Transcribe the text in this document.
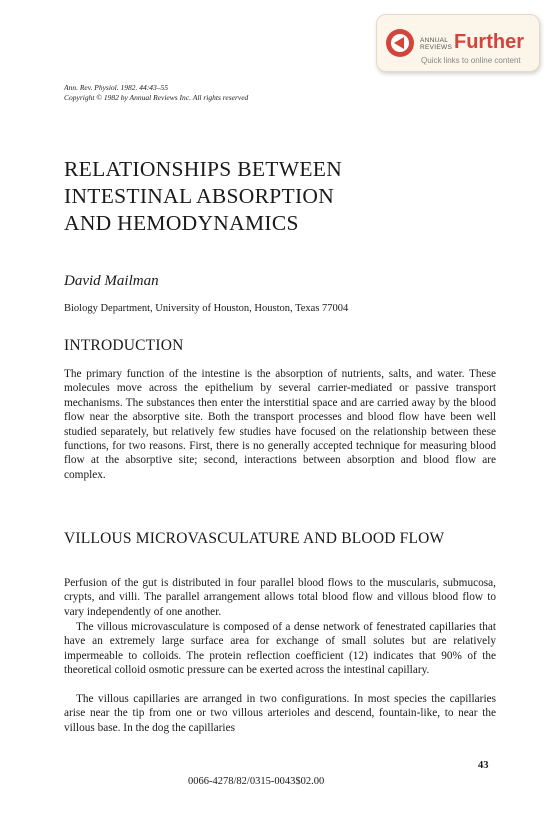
ANNUAL
REVIEWS Further
Quick links to online content
Ann. Rev. Physiol. 1982. 44:43–55
Copyright © 1982 by Annual Reviews Inc. All rights reserved
RELATIONSHIPS BETWEEN
INTESTINAL ABSORPTION
AND HEMODYNAMICS
David Mailman
Biology Department, University of Houston, Houston, Texas 77004
INTRODUCTION

The primary function of the intestine is the absorption of nutrients, salts, and water. These molecules move across the epithelium by several carrier-mediated or passive transport mechanisms. The substances then enter the interstitial space and are carried away by the blood flow near the absorptive site. Both the transport processes and blood flow have been well studied separately, but relatively few studies have focused on the relationship between these functions, for two reasons. First, there is no generally accepted technique for measuring blood flow at the absorptive site; second, interactions between absorption and blood flow are complex.

VILLOUS MICROVASCULATURE AND BLOOD FLOW

Perfusion of the gut is distributed in four parallel blood flows to the muscularis, submucosa, crypts, and villi. The parallel arrangement allows total blood flow and villous blood flow to vary independently of one another.

The villous microvasculature is composed of a dense network of fenestrated capillaries that have an extremely large surface area for exchange of small solutes but are relatively impermeable to colloids. The protein reflection coefficient (12) indicates that 90% of the theoretical colloid osmotic pressure can be exerted across the intestinal capillary.

The villous capillaries are arranged in two configurations. In most species the capillaries arise near the tip from one or two villous arterioles and descend, fountain-like, to near the villous base. In the dog the capillaries

43
0066-4278/82/0315-0043$02.00
